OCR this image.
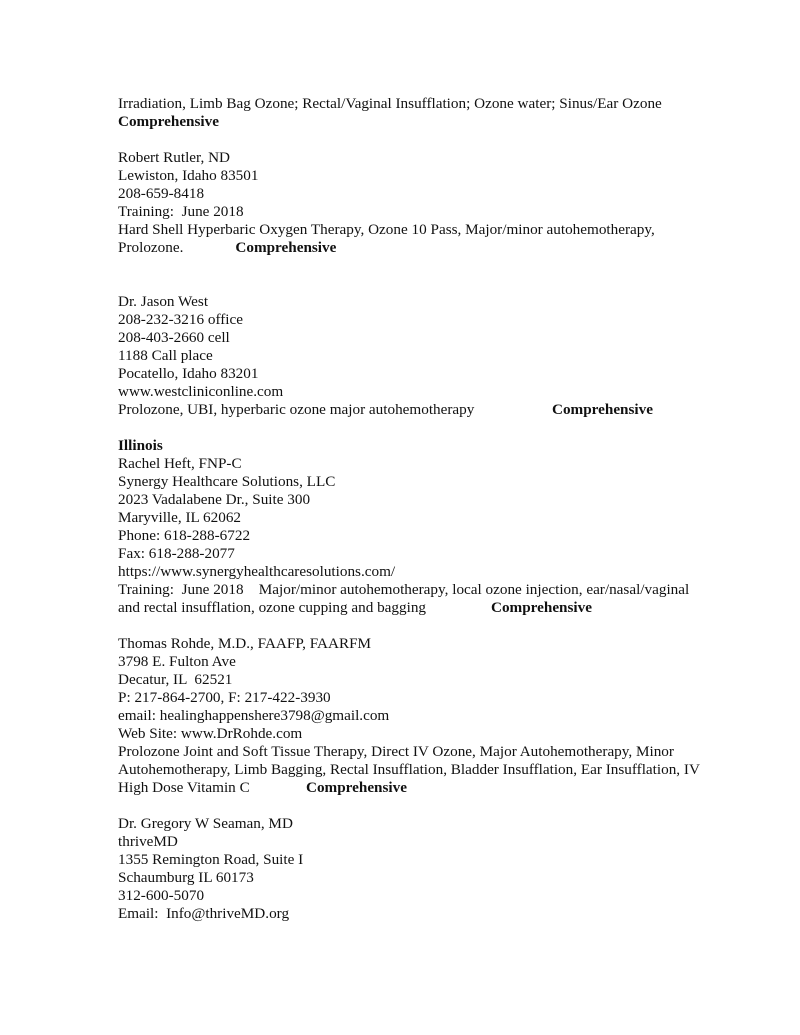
Irradiation, Limb Bag Ozone; Rectal/Vaginal Insufflation; Ozone water; Sinus/Ear Ozone
Comprehensive
Robert Rutler, ND
Lewiston, Idaho 83501
208-659-8418
Training:  June 2018
Hard Shell Hyperbaric Oxygen Therapy, Ozone 10 Pass, Major/minor autohemotherapy,
Prolozone.	Comprehensive
Dr. Jason West
208-232-3216 office
208-403-2660 cell
1188 Call place
Pocatello, Idaho 83201
www.westcliniconline.com
Prolozone, UBI, hyperbaric ozone major autohemotherapy	Comprehensive
Illinois
Rachel Heft, FNP-C
Synergy Healthcare Solutions, LLC
2023 Vadalabene Dr., Suite 300
Maryville, IL 62062
Phone: 618-288-6722
Fax: 618-288-2077
https://www.synergyhealthcaresolutions.com/
Training:  June 2018    Major/minor autohemotherapy, local ozone injection, ear/nasal/vaginal
and rectal insufflation, ozone cupping and bagging	Comprehensive
Thomas Rohde, M.D., FAAFP, FAARFM
3798 E. Fulton Ave
Decatur, IL  62521
P: 217-864-2700, F: 217-422-3930
email: healinghappenshere3798@gmail.com
Web Site: www.DrRohde.com
Prolozone Joint and Soft Tissue Therapy, Direct IV Ozone, Major Autohemotherapy, Minor
Autohemotherapy, Limb Bagging, Rectal Insufflation, Bladder Insufflation, Ear Insufflation, IV
High Dose Vitamin C	Comprehensive
Dr. Gregory W Seaman, MD
thriveMD
1355 Remington Road, Suite I
Schaumburg IL 60173
312-600-5070
Email:  Info@thriveMD.org
